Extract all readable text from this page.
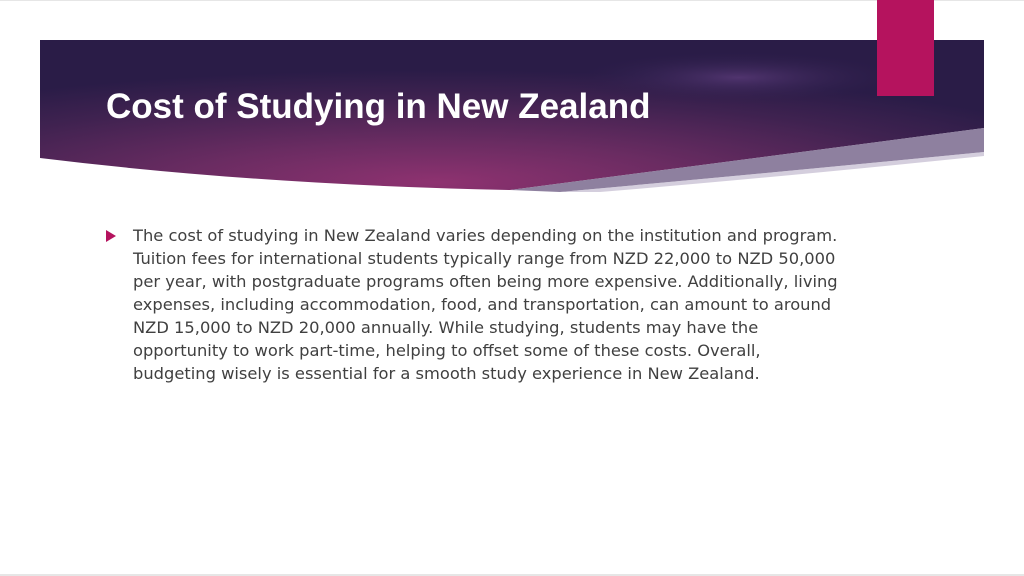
Cost of Studying in New Zealand

The cost of studying in New Zealand varies depending on the institution and program. Tuition fees for international students typically range from NZD 22,000 to NZD 50,000 per year, with postgraduate programs often being more expensive. Additionally, living expenses, including accommodation, food, and transportation, can amount to around NZD 15,000 to NZD 20,000 annually. While studying, students may have the opportunity to work part-time, helping to offset some of these costs. Overall, budgeting wisely is essential for a smooth study experience in New Zealand.
